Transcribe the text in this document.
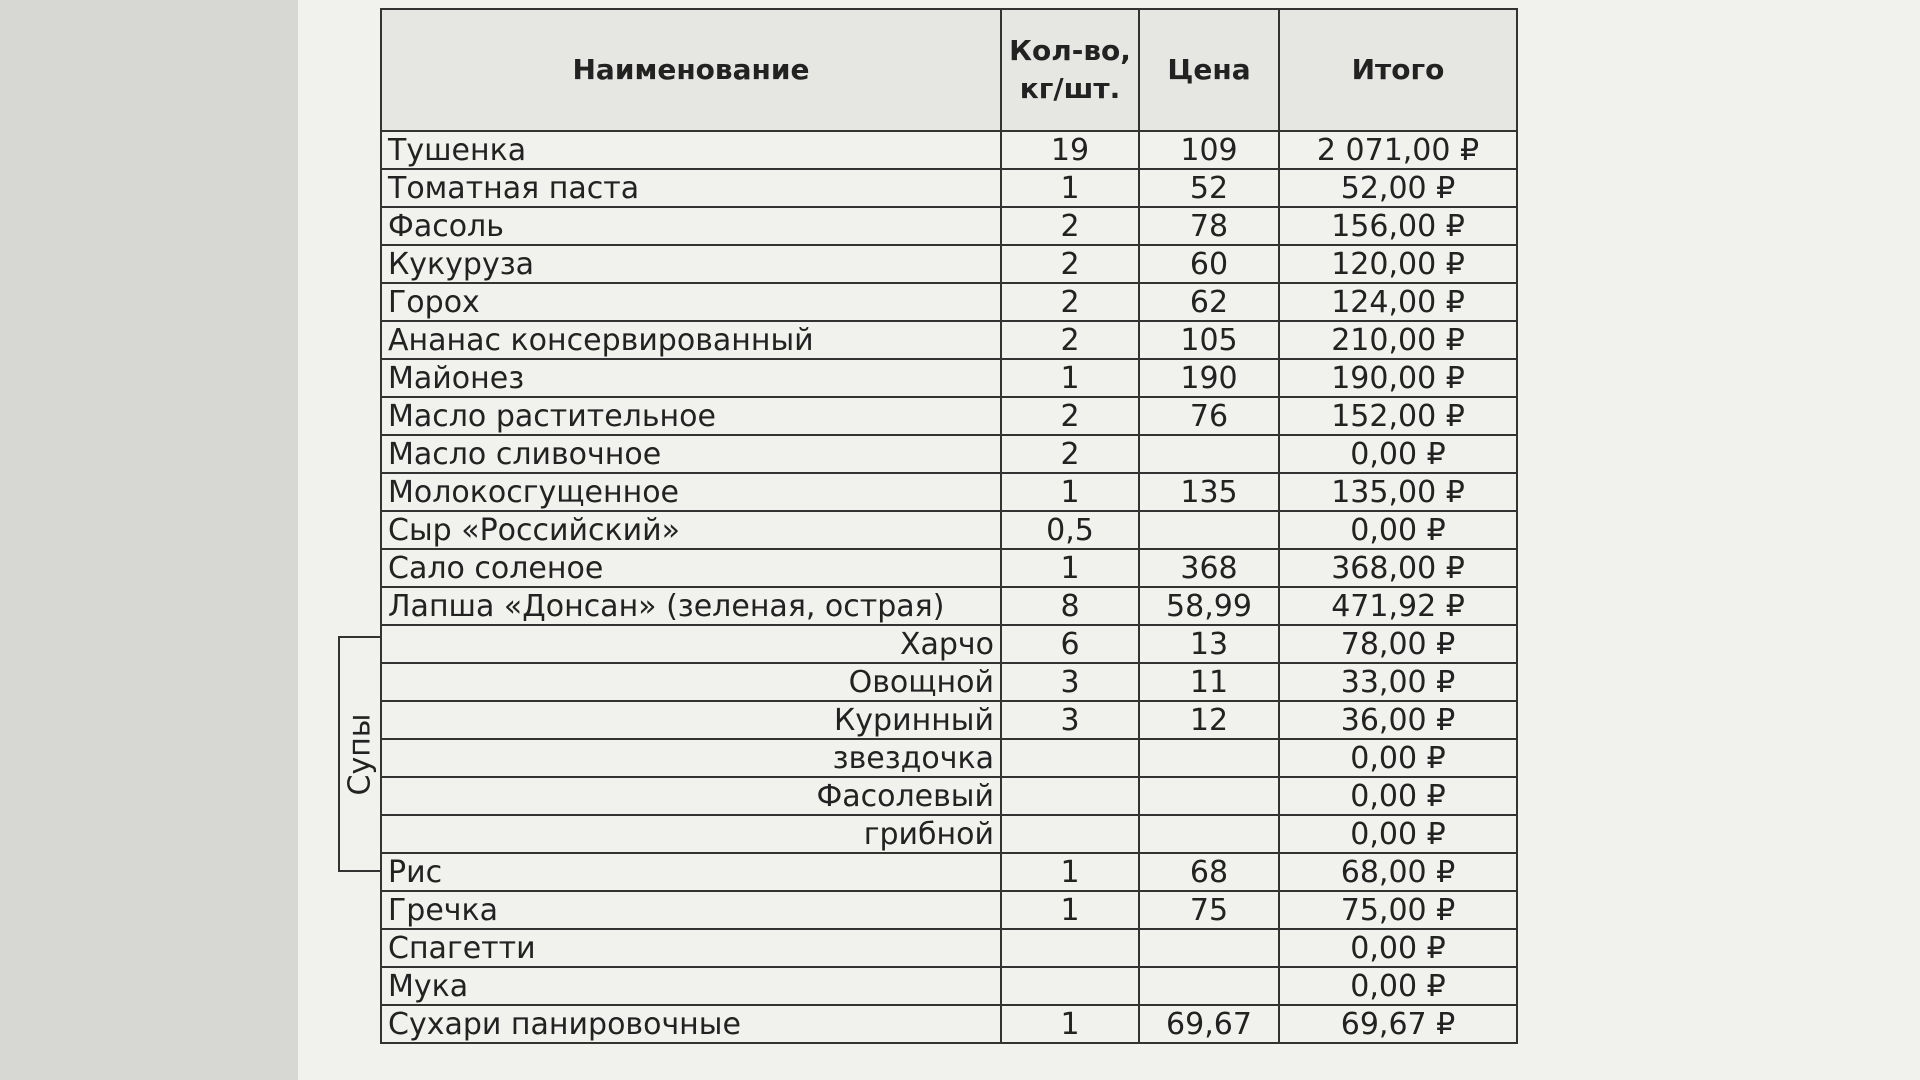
Наименование	Кол-во, кг/шт.	Цена	Итого
Тушенка	19	109	2 071,00 ₽
Томатная паста	1	52	52,00 ₽
Фасоль	2	78	156,00 ₽
Кукуруза	2	60	120,00 ₽
Горох	2	62	124,00 ₽
Ананас консервированный	2	105	210,00 ₽
Майонез	1	190	190,00 ₽
Масло растительное	2	76	152,00 ₽
Масло сливочное	2		0,00 ₽
Молокосгущенное	1	135	135,00 ₽
Сыр «Российский»	0,5		0,00 ₽
Сало соленое	1	368	368,00 ₽
Лапша «Донсан» (зеленая, острая)	8	58,99	471,92 ₽
Харчо	6	13	78,00 ₽
Овощной	3	11	33,00 ₽
Куринный	3	12	36,00 ₽
звездочка			0,00 ₽
Фасолевый			0,00 ₽
грибной			0,00 ₽
Рис	1	68	68,00 ₽
Гречка	1	75	75,00 ₽
Спагетти			0,00 ₽
Мука			0,00 ₽
Сухари панировочные	1	69,67	69,67 ₽
Супы
